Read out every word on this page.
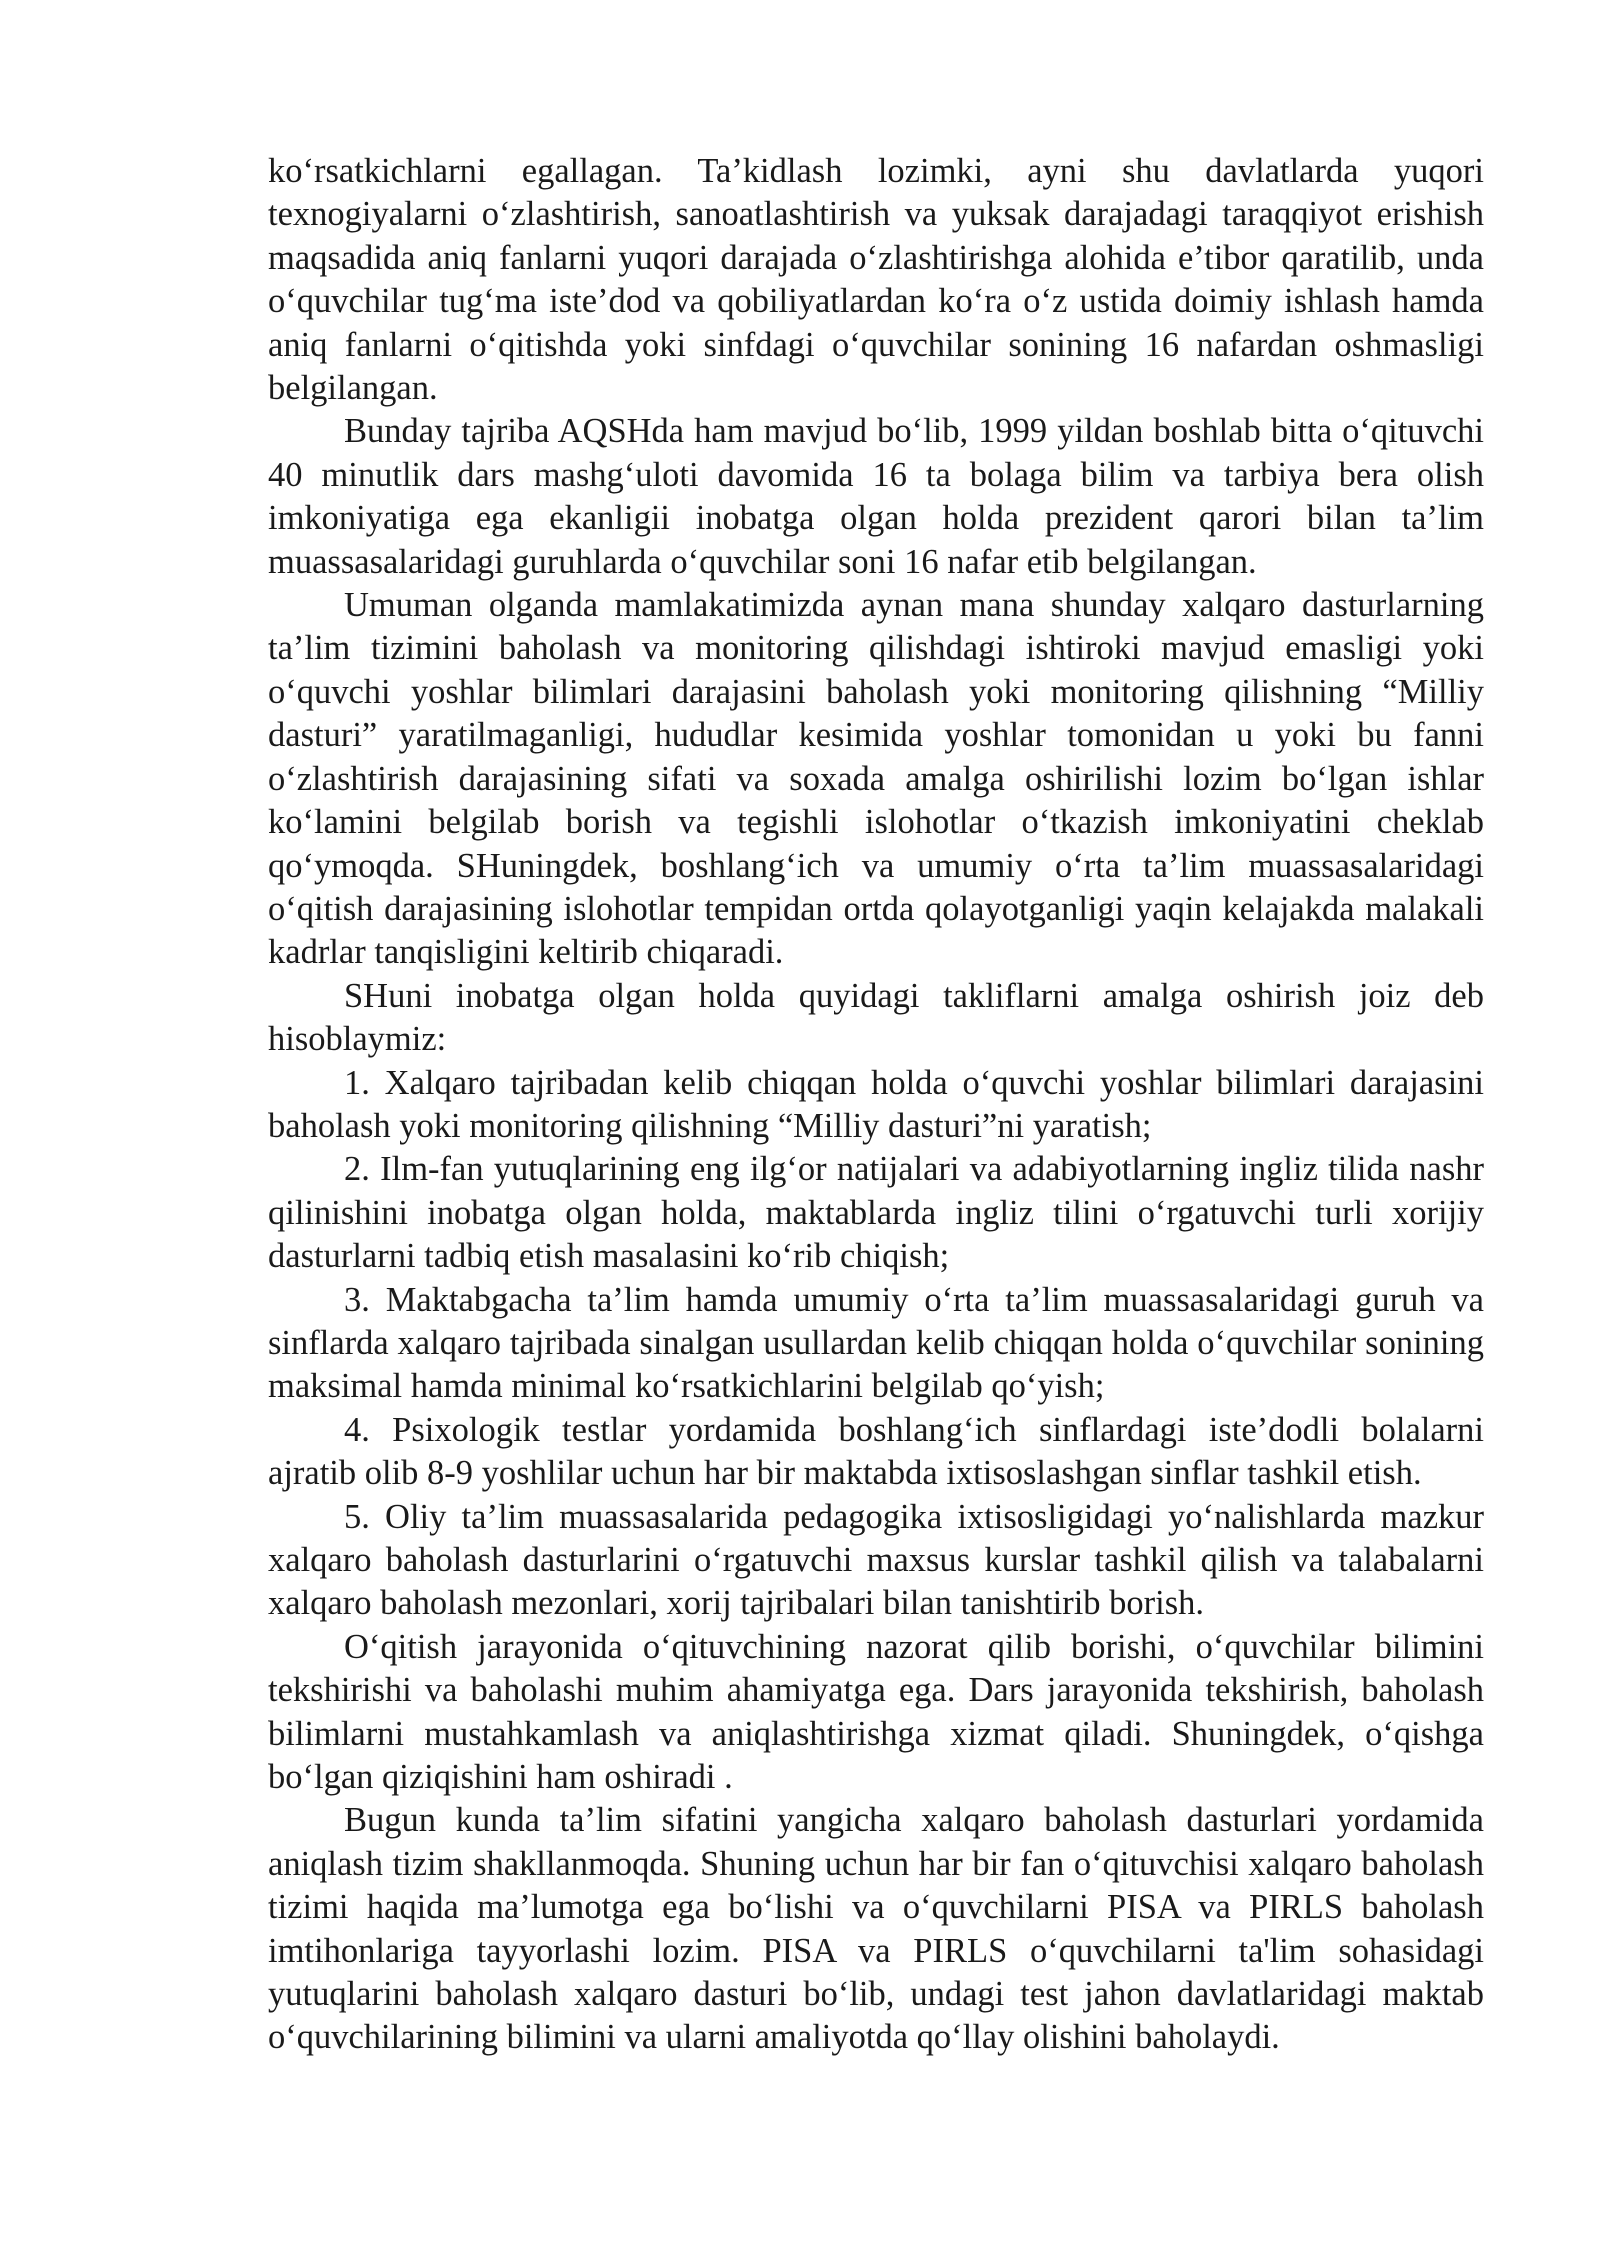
ko‘rsatkichlarni egallagan. Ta’kidlash lozimki, ayni shu davlatlarda yuqori texnogiyalarni o‘zlashtirish, sanoatlashtirish va yuksak darajadagi taraqqiyot erishish maqsadida aniq fanlarni yuqori darajada o‘zlashtirishga alohida e’tibor qaratilib, unda o‘quvchilar tug‘ma iste’dod va qobiliyatlardan ko‘ra o‘z ustida doimiy ishlash hamda aniq fanlarni o‘qitishda yoki sinfdagi o‘quvchilar sonining 16 nafardan oshmasligi belgilangan.

Bunday tajriba AQSHda ham mavjud bo‘lib, 1999 yildan boshlab bitta o‘qituvchi 40 minutlik dars mashg‘uloti davomida 16 ta bolaga bilim va tarbiya bera olish imkoniyatiga ega ekanligii inobatga olgan holda prezident qarori bilan ta’lim muassasalaridagi guruhlarda o‘quvchilar soni 16 nafar etib belgilangan.

Umuman olganda mamlakatimizda aynan mana shunday xalqaro dasturlarning ta’lim tizimini baholash va monitoring qilishdagi ishtiroki mavjud emasligi yoki o‘quvchi yoshlar bilimlari darajasini baholash yoki monitoring qilishning “Milliy dasturi” yaratilmaganligi, hududlar kesimida yoshlar tomonidan u yoki bu fanni o‘zlashtirish darajasining sifati va soxada amalga oshirilishi lozim bo‘lgan ishlar ko‘lamini belgilab borish va tegishli islohotlar o‘tkazish imkoniyatini cheklab qo‘ymoqda. SHuningdek, boshlang‘ich va umumiy o‘rta ta’lim muassasalaridagi o‘qitish darajasining islohotlar tempidan ortda qolayotganligi yaqin kelajakda malakali kadrlar tanqisligini keltirib chiqaradi.

SHuni inobatga olgan holda quyidagi takliflarni amalga oshirish joiz deb hisoblaymiz:

1. Xalqaro tajribadan kelib chiqqan holda o‘quvchi yoshlar bilimlari darajasini baholash yoki monitoring qilishning “Milliy dasturi”ni yaratish;

2. Ilm-fan yutuqlarining eng ilg‘or natijalari va adabiyotlarning ingliz tilida nashr qilinishini inobatga olgan holda, maktablarda ingliz tilini o‘rgatuvchi turli xorijiy dasturlarni tadbiq etish masalasini ko‘rib chiqish;

3. Maktabgacha ta’lim hamda umumiy o‘rta ta’lim muassasalaridagi guruh va sinflarda xalqaro tajribada sinalgan usullardan kelib chiqqan holda o‘quvchilar sonining maksimal hamda minimal ko‘rsatkichlarini belgilab qo‘yish;

4. Psixologik testlar yordamida boshlang‘ich sinflardagi iste’dodli bolalarni ajratib olib 8-9 yoshlilar uchun har bir maktabda ixtisoslashgan sinflar tashkil etish.

5. Oliy ta’lim muassasalarida pedagogika ixtisosligidagi yo‘nalishlarda mazkur xalqaro baholash dasturlarini o‘rgatuvchi maxsus kurslar tashkil qilish va talabalarni xalqaro baholash mezonlari, xorij tajribalari bilan tanishtirib borish.

O‘qitish jarayonida o‘qituvchining nazorat qilib borishi, o‘quvchilar bilimini tekshirishi va baholashi muhim ahamiyatga ega. Dars jarayonida tekshirish, baholash bilimlarni mustahkamlash va aniqlashtirishga xizmat qiladi. Shuningdek, o‘qishga bo‘lgan qiziqishini ham oshiradi .

Bugun kunda ta’lim sifatini yangicha xalqaro baholash dasturlari yordamida aniqlash tizim shakllanmoqda. Shuning uchun har bir fan o‘qituvchisi xalqaro baholash tizimi haqida ma’lumotga ega bo‘lishi va o‘quvchilarni PISA va PIRLS baholash imtihonlariga tayyorlashi lozim. PISA va PIRLS o‘quvchilarni ta'lim sohasidagi yutuqlarini baholash xalqaro dasturi bo‘lib, undagi test jahon davlatlaridagi maktab o‘quvchilarining bilimini va ularni amaliyotda qo‘llay olishini baholaydi.
